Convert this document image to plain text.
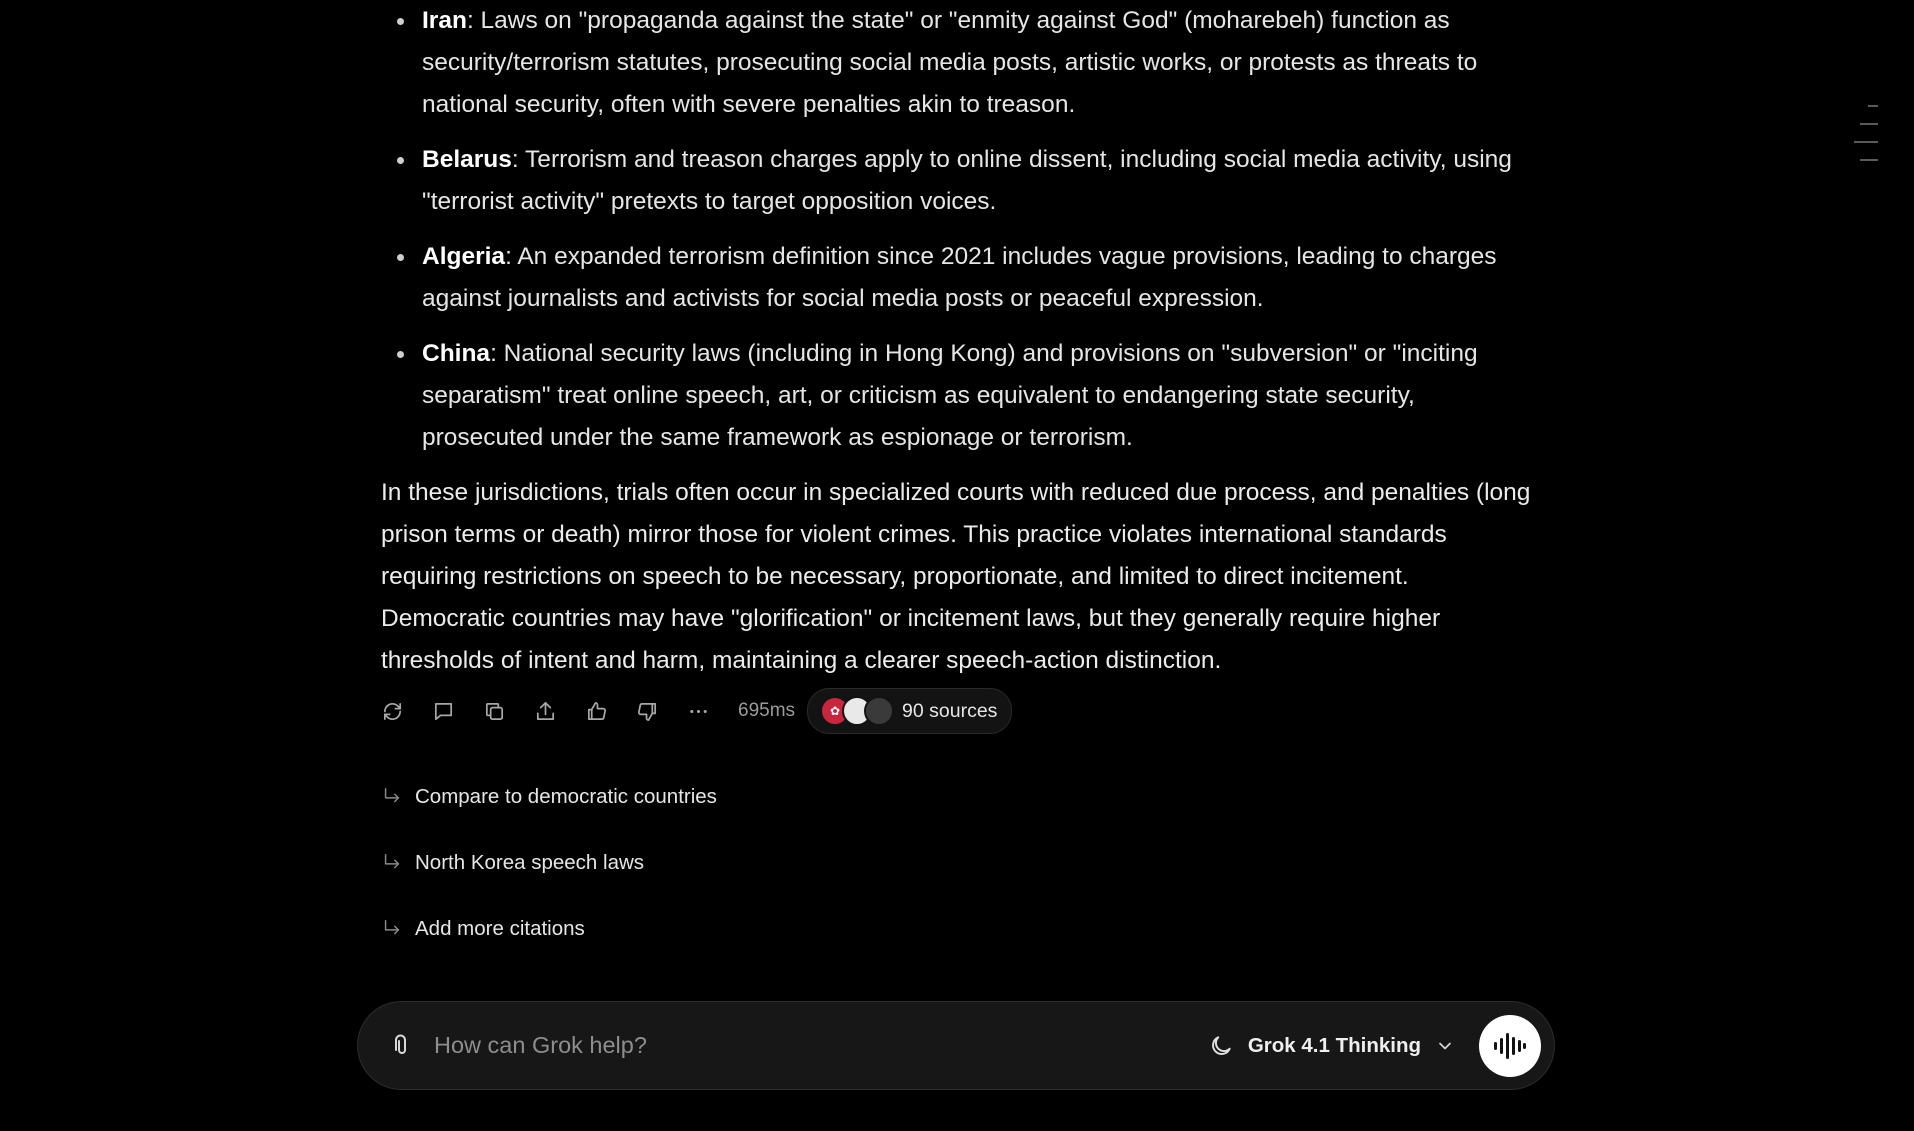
Iran: Laws on "propaganda against the state" or "enmity against God" (moharebeh) function as security/terrorism statutes, prosecuting social media posts, artistic works, or protests as threats to national security, often with severe penalties akin to treason.
Belarus: Terrorism and treason charges apply to online dissent, including social media activity, using "terrorist activity" pretexts to target opposition voices.
Algeria: An expanded terrorism definition since 2021 includes vague provisions, leading to charges against journalists and activists for social media posts or peaceful expression.
China: National security laws (including in Hong Kong) and provisions on "subversion" or "inciting separatism" treat online speech, art, or criticism as equivalent to endangering state security, prosecuted under the same framework as espionage or terrorism.

In these jurisdictions, trials often occur in specialized courts with reduced due process, and penalties (long prison terms or death) mirror those for violent crimes. This practice violates international standards requiring restrictions on speech to be necessary, proportionate, and limited to direct incitement. Democratic countries may have "glorification" or incitement laws, but they generally require higher thresholds of intent and harm, maintaining a clearer speech-action distinction.

695ms	✿	90 sources
Compare to democratic countries
North Korea speech laws
Add more citations
How can Grok help?
Grok 4.1 Thinking
